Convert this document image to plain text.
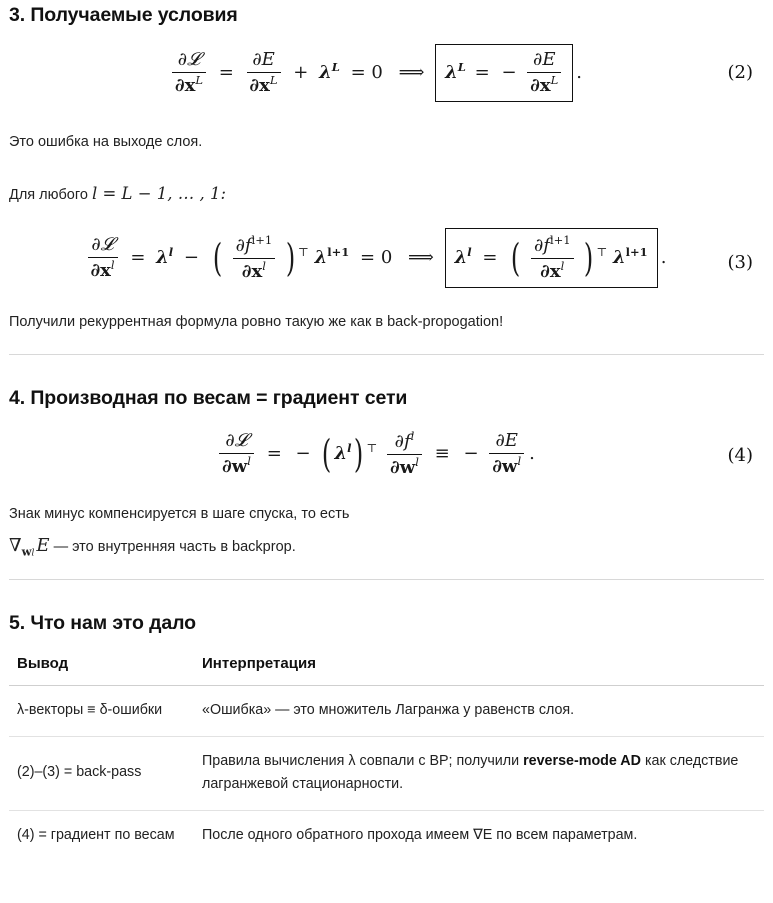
3. Получаемые условия
$\frac{\text{∂𝓛}}{\partial x^L} = \frac{\partial E}{\partial x^L} + \lambda^L = 0$ ⟹ $\lambda^L$ = − $\frac{\partial E}{\partial x^L}$ .	(2)

Это ошибка на выходе слоя.

Для любого l = L − 1, … , 1:

$\frac{\text{∂𝓛}}{\partial x^l} = \lambda^l$ − ( $\frac{\partial f^{l+1}}{\partial x^l}$ ) ⊤ $\lambda^{l+1} = 0$ ⟹ $\lambda^l$ = ( $\frac{\partial f^{l+1}}{\partial x^l}$ ) ⊤ $\lambda^{l+1}$ .	(3)

Получили рекуррентная формула ровно такую же как в back-propogation!

4. Производная по весам = градиент сети
$\frac{\text{∂𝓛}}{\partial w^l}$ = − ( $\lambda^l$) $^⊤ \frac{\partial f^l}{\partial w^l}$ ≡ − $\frac{\partial E}{\partial w^l}$ .	(4)

Знак минус компенсируется в шаге спуска, то есть

$\nabla_{wl}$ E — это внутренняя часть в backprop.

5. Что нам это дало
Вывод	Интерпретация
λ-векторы ≡ δ-ошибки	«Ошибка» — это множитель Лагранжа у равенств слоя.
(2)–(3) = back-pass	Правила вычисления λ совпали с BP; получили reverse-mode AD как следствие лагранжевой стационарности.
(4) = градиент по весам	После одного обратного прохода имеем ∇E по всем параметрам.
